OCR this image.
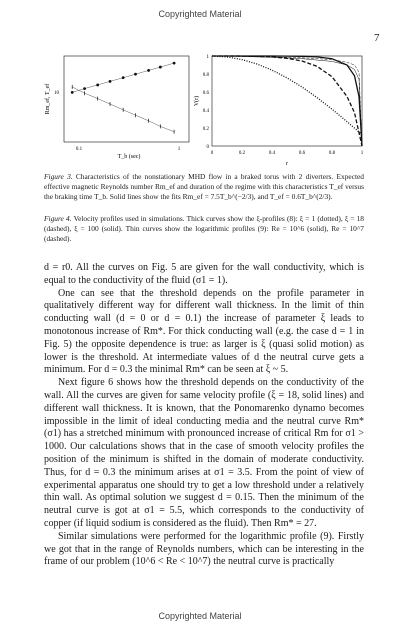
Copyrighted Material
7
Rm_ef, T_ef 10
0.1	1
T_b (sec)
V(r)
r
0
0.2
0.4
0.6
0.8
1
0	0.2	0.4	0.6	0.8	1
Figure 3. Characteristics of the nonstationary MHD flow in a braked torus with 2 diverters. Expected effective magnetic Reynolds number Rm_ef and duration of the regime with this characteristics T_ef versus the braking time T_b. Solid lines show the fits Rm_ef = 7.5T_b^(−2/3), and T_ef = 0.6T_b^(2/3).
Figure 4. Velocity profiles used in simulations. Thick curves show the ξ-profiles (8): ξ = 1 (dotted), ξ = 18 (dashed), ξ = 100 (solid). Thin curves show the logarithmic profiles (9): Re = 10^6 (solid), Re = 10^7 (dashed).

d = r0. All the curves on Fig. 5 are given for the wall conductivity, which is equal to the conductivity of the fluid (σ1 = 1).

One can see that the threshold depends on the profile parameter in qualitatively different way for different wall thickness. In the limit of thin conducting wall (d = 0 or d = 0.1) the increase of parameter ξ leads to monotonous increase of Rm*. For thick conducting wall (e.g. the case d = 1 in Fig. 5) the opposite dependence is true: as larger is ξ (quasi solid motion) as lower is the threshold. At intermediate values of d the neutral curve gets a minimum. For d = 0.3 the minimal Rm* can be seen at ξ ~ 5.

Next figure 6 shows how the threshold depends on the conductivity of the wall. All the curves are given for same velocity profile (ξ = 18, solid lines) and different wall thickness. It is known, that the Ponomarenko dynamo becomes impossible in the limit of ideal conducting media and the neutral curve Rm*(σ1) has a stretched minimum with pronounced increase of critical Rm for σ1 > 1000. Our calculations shows that in the case of smooth velocity profiles the position of the minimum is shifted in the domain of moderate conductivity. Thus, for d = 0.3 the minimum arises at σ1 = 3.5. From the point of view of experimental apparatus one should try to get a low threshold under a relatively thin wall. As optimal solution we suggest d = 0.15. Then the minimum of the neutral curve is got at σ1 = 5.5, which corresponds to the conductivity of copper (if liquid sodium is considered as the fluid). Then Rm* = 27.

Similar simulations were performed for the logarithmic profile (9). Firstly we got that in the range of Reynolds numbers, which can be interesting in the frame of our problem (10^6 < Re < 10^7) the neutral curve is practically

Copyrighted Material
